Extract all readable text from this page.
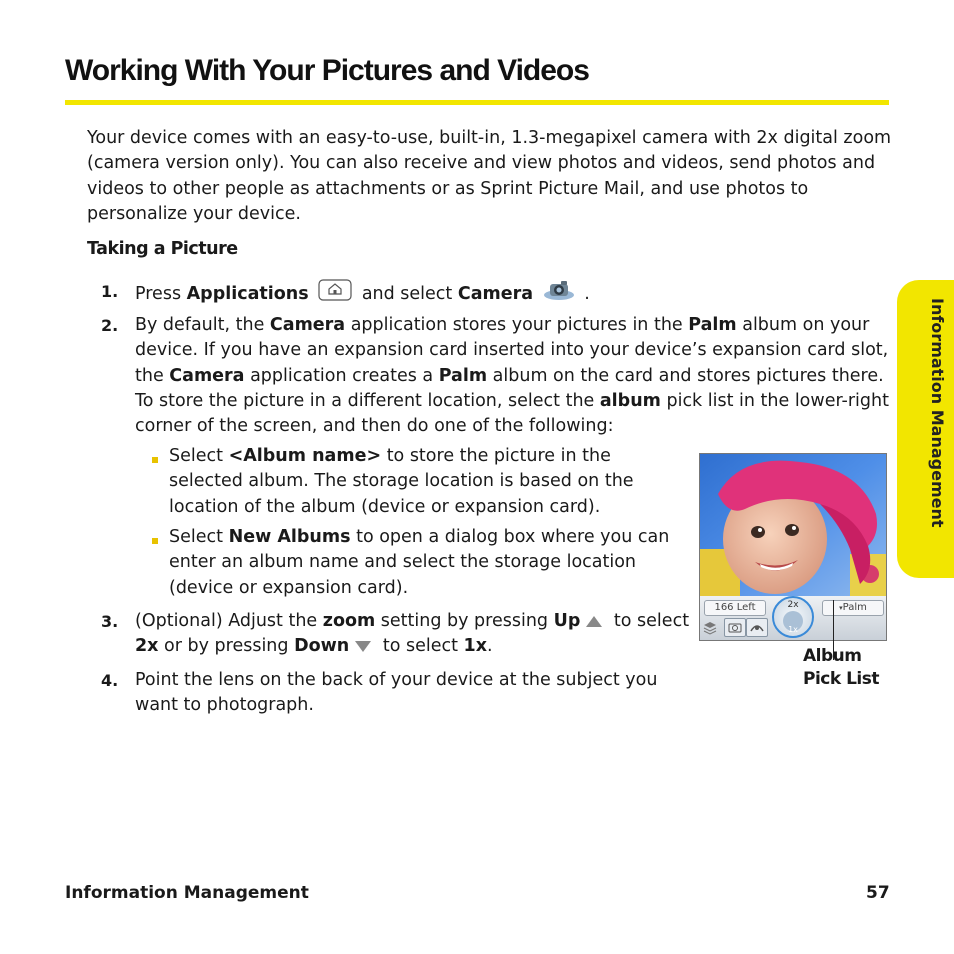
Working With Your Pictures and Videos
Information Management

Your device comes with an easy-to-use, built-in, 1.3-megapixel camera with 2x digital zoom (camera version only). You can also receive and view photos and videos, send photos and videos to other people as attachments or as Sprint Picture Mail, and use photos to personalize your device.

Taking a Picture
1. Press Applications	and select Camera	.
2. By default, the Camera application stores your pictures in the Palm album on your device. If you have an expansion card inserted into your device’s expansion card slot, the Camera application creates a Palm album on the card and stores pictures there. To store the picture in a different location, select the album pick list in the lower-right corner of the screen, and then do one of the following:
Select <Album name> to store the picture in the selected album. The storage location is based on the location of the album (device or expansion card).
Select New Albums to open a dialog box where you can enter an album name and select the storage location (device or expansion card).
3. (Optional) Adjust the zoom setting by pressing Up to select 2x or by pressing Down to select 1x.
4. Point the lens on the back of your device at the subject you want to photograph.
166 Left	2x
1x
▾Palm
Album
Pick List
Information Management	57
